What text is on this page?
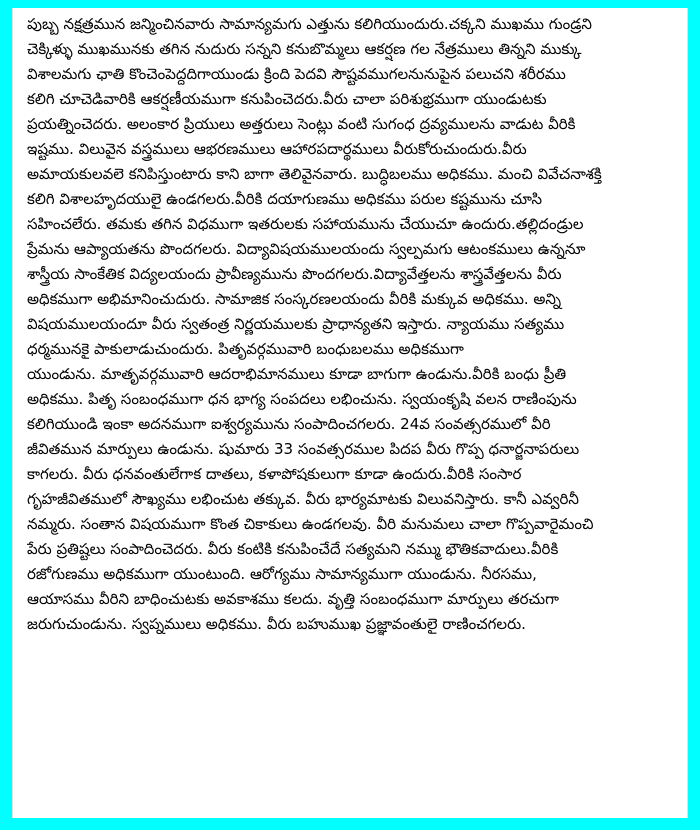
పుబ్బ నక్షత్రమున జన్మించినవారు సామాన్యమగు ఎత్తును కలిగియుందురు.చక్కని ముఖము గుండ్రని
చెక్కిళ్ళు ముఖమునకు తగిన నుదురు సన్నని కనుబొమ్మలు ఆకర్షణ గల నేత్రములు తిన్నని ముక్కు
విశాలమగు ఛాతి కొంచెంపెద్దదిగాయుండు క్రింది పెదవి సౌష్టవముగలనునుపైన పలుచని శరీరము
కలిగి చూచెడివారికి ఆకర్షణీయముగా కనుపించెదరు.వీరు చాలా పరిశుభ్రముగా యుండుటకు
ప్రయత్నించెదరు. అలంకార ప్రియులు అత్తరులు సెంట్లు వంటి సుగంధ ద్రవ్యములను వాడుట వీరికి
ఇష్టము. విలువైన వస్త్రములు ఆభరణములు ఆహారపదార్థములు వీరుకోరుచుందురు.వీరు
అమాయకులవలె కనిపిస్తుంటారు కాని బాగా తెలివైనవారు. బుద్ధిబలము అధికము. మంచి వివేచనాశక్తి
కలిగి విశాలహృదయులై ఉండగలరు.వీరికి దయాగుణము అధికము పరుల కష్టమును చూసి
సహించలేరు. తమకు తగిన విధముగా ఇతరులకు సహాయమును చేయుచూ ఉందురు.తల్లిదండ్రుల
ప్రేమను ఆప్యాయతను పొందగలరు. విద్యావిషయములయందు స్వల్పమగు ఆటంకములు ఉన్ననూ
శాస్త్రీయ సాంకేతిక విద్యలయందు ప్రావీణ్యమును పొందగలరు.విద్యావేత్తలను శాస్త్రవేత్తలను వీరు
అధికముగా అభిమానించుదురు. సామాజిక సంస్కరణలయందు వీరికి మక్కువ అధికము. అన్ని
విషయములయందూ వీరు స్వతంత్ర నిర్ణయములకు ప్రాధాన్యతని ఇస్తారు. న్యాయము సత్యము
ధర్మమునకై పాకులాడుచుందురు. పితృవర్గమువారి బంధుబలము అధికముగా
యుండును. మాతృవర్గమువారి ఆదరాభిమానములు కూడా బాగుగా ఉండును.వీరికి బంధు ప్రీతి
అధికము. పితృ సంబంధముగా ధన భాగ్య సంపదలు లభించును. స్వయంకృషి వలన రాణింపును
కలిగియుండి ఇంకా అదనముగా ఐశ్వర్యమును సంపాదించగలరు. 24వ సంవత్సరములో వీరి
జీవితమున మార్పులు ఉండును. షుమారు 33 సంవత్సరముల పిదప వీరు గొప్ప ధనార్జనాపరులు
కాగలరు. వీరు ధనవంతులేగాక దాతలు, కళాపోషకులుగా కూడా ఉందురు.వీరికి సంసార
గృహజీవితములో సౌఖ్యము లభించుట తక్కువ. వీరు భార్యమాటకు విలువనిస్తారు. కానీ ఎవ్వరినీ
నమ్మరు. సంతాన విషయముగా కొంత చికాకులు ఉండగలవు. వీరి మనుమలు చాలా గొప్పవారైమంచి
పేరు ప్రతిష్టలు సంపాదించెదరు. వీరు కంటికి కనుపించేదే సత్యమని నమ్ము భౌతికవాదులు.వీరికి
రజోగుణము అధికముగా యుంటుంది. ఆరోగ్యము సామాన్యముగా యుండును. నీరసము,
ఆయాసము వీరిని బాధించుటకు అవకాశము కలదు. వృత్తి సంబంధముగా మార్పులు తరచుగా
జరుగుచుండును. స్వప్నములు అధికము. వీరు బహుముఖ ప్రజ్ఞావంతులై రాణించగలరు.
